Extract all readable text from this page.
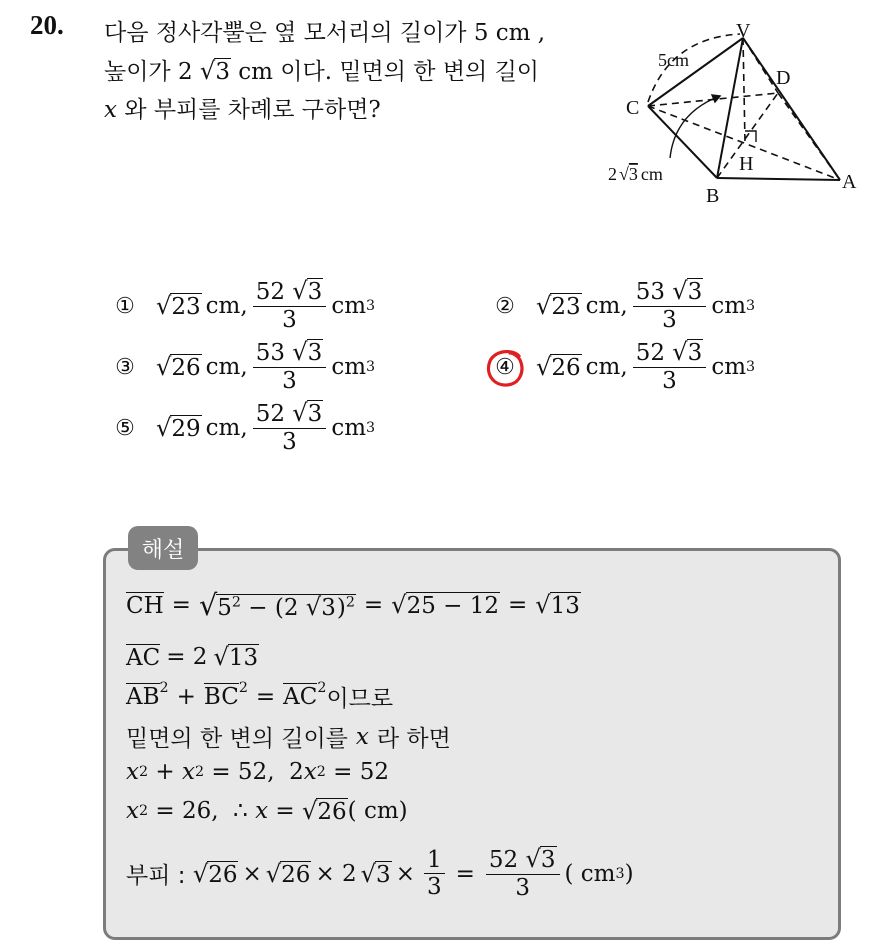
20. 다음 정사각뿔은 옆 모서리의 길이가 5 cm ,
높이가 2 √3 cm 이다. 밑면의 한 변의 길이
x 와 부피를 차례로 구하면?
V
D
C
H
A
B
5cm
2 √3 cm
① √23 cm, $\frac{52 √3}{3}$ cm 3	② √23 cm, $\frac{53 √3}{3}$ cm 3
③ √26 cm, $\frac{53 √3}{3}$ cm 3	④ √26 cm, $\frac{52 √3}{3}$ cm 3
⑤ √29 cm, $\frac{52 √3}{3}$ cm 3
해설
CH = $√5^2 - (2$ √3)$^2$ = √25 − 12 = √13
AC = 2 √13
$AB^2 + BC^2 = AC^2$ 이므로
밑면의 한 변의 길이를 x 라 하면
x 2 + x 2 = 52,  2 x 2 = 52
x 2 = 26,  ∴ x = √26 ( cm)
부피 : √26 × √26 × 2 $√3 \times \frac{1}{3} = \frac{52 √3}{3}$ ( cm 3 )
